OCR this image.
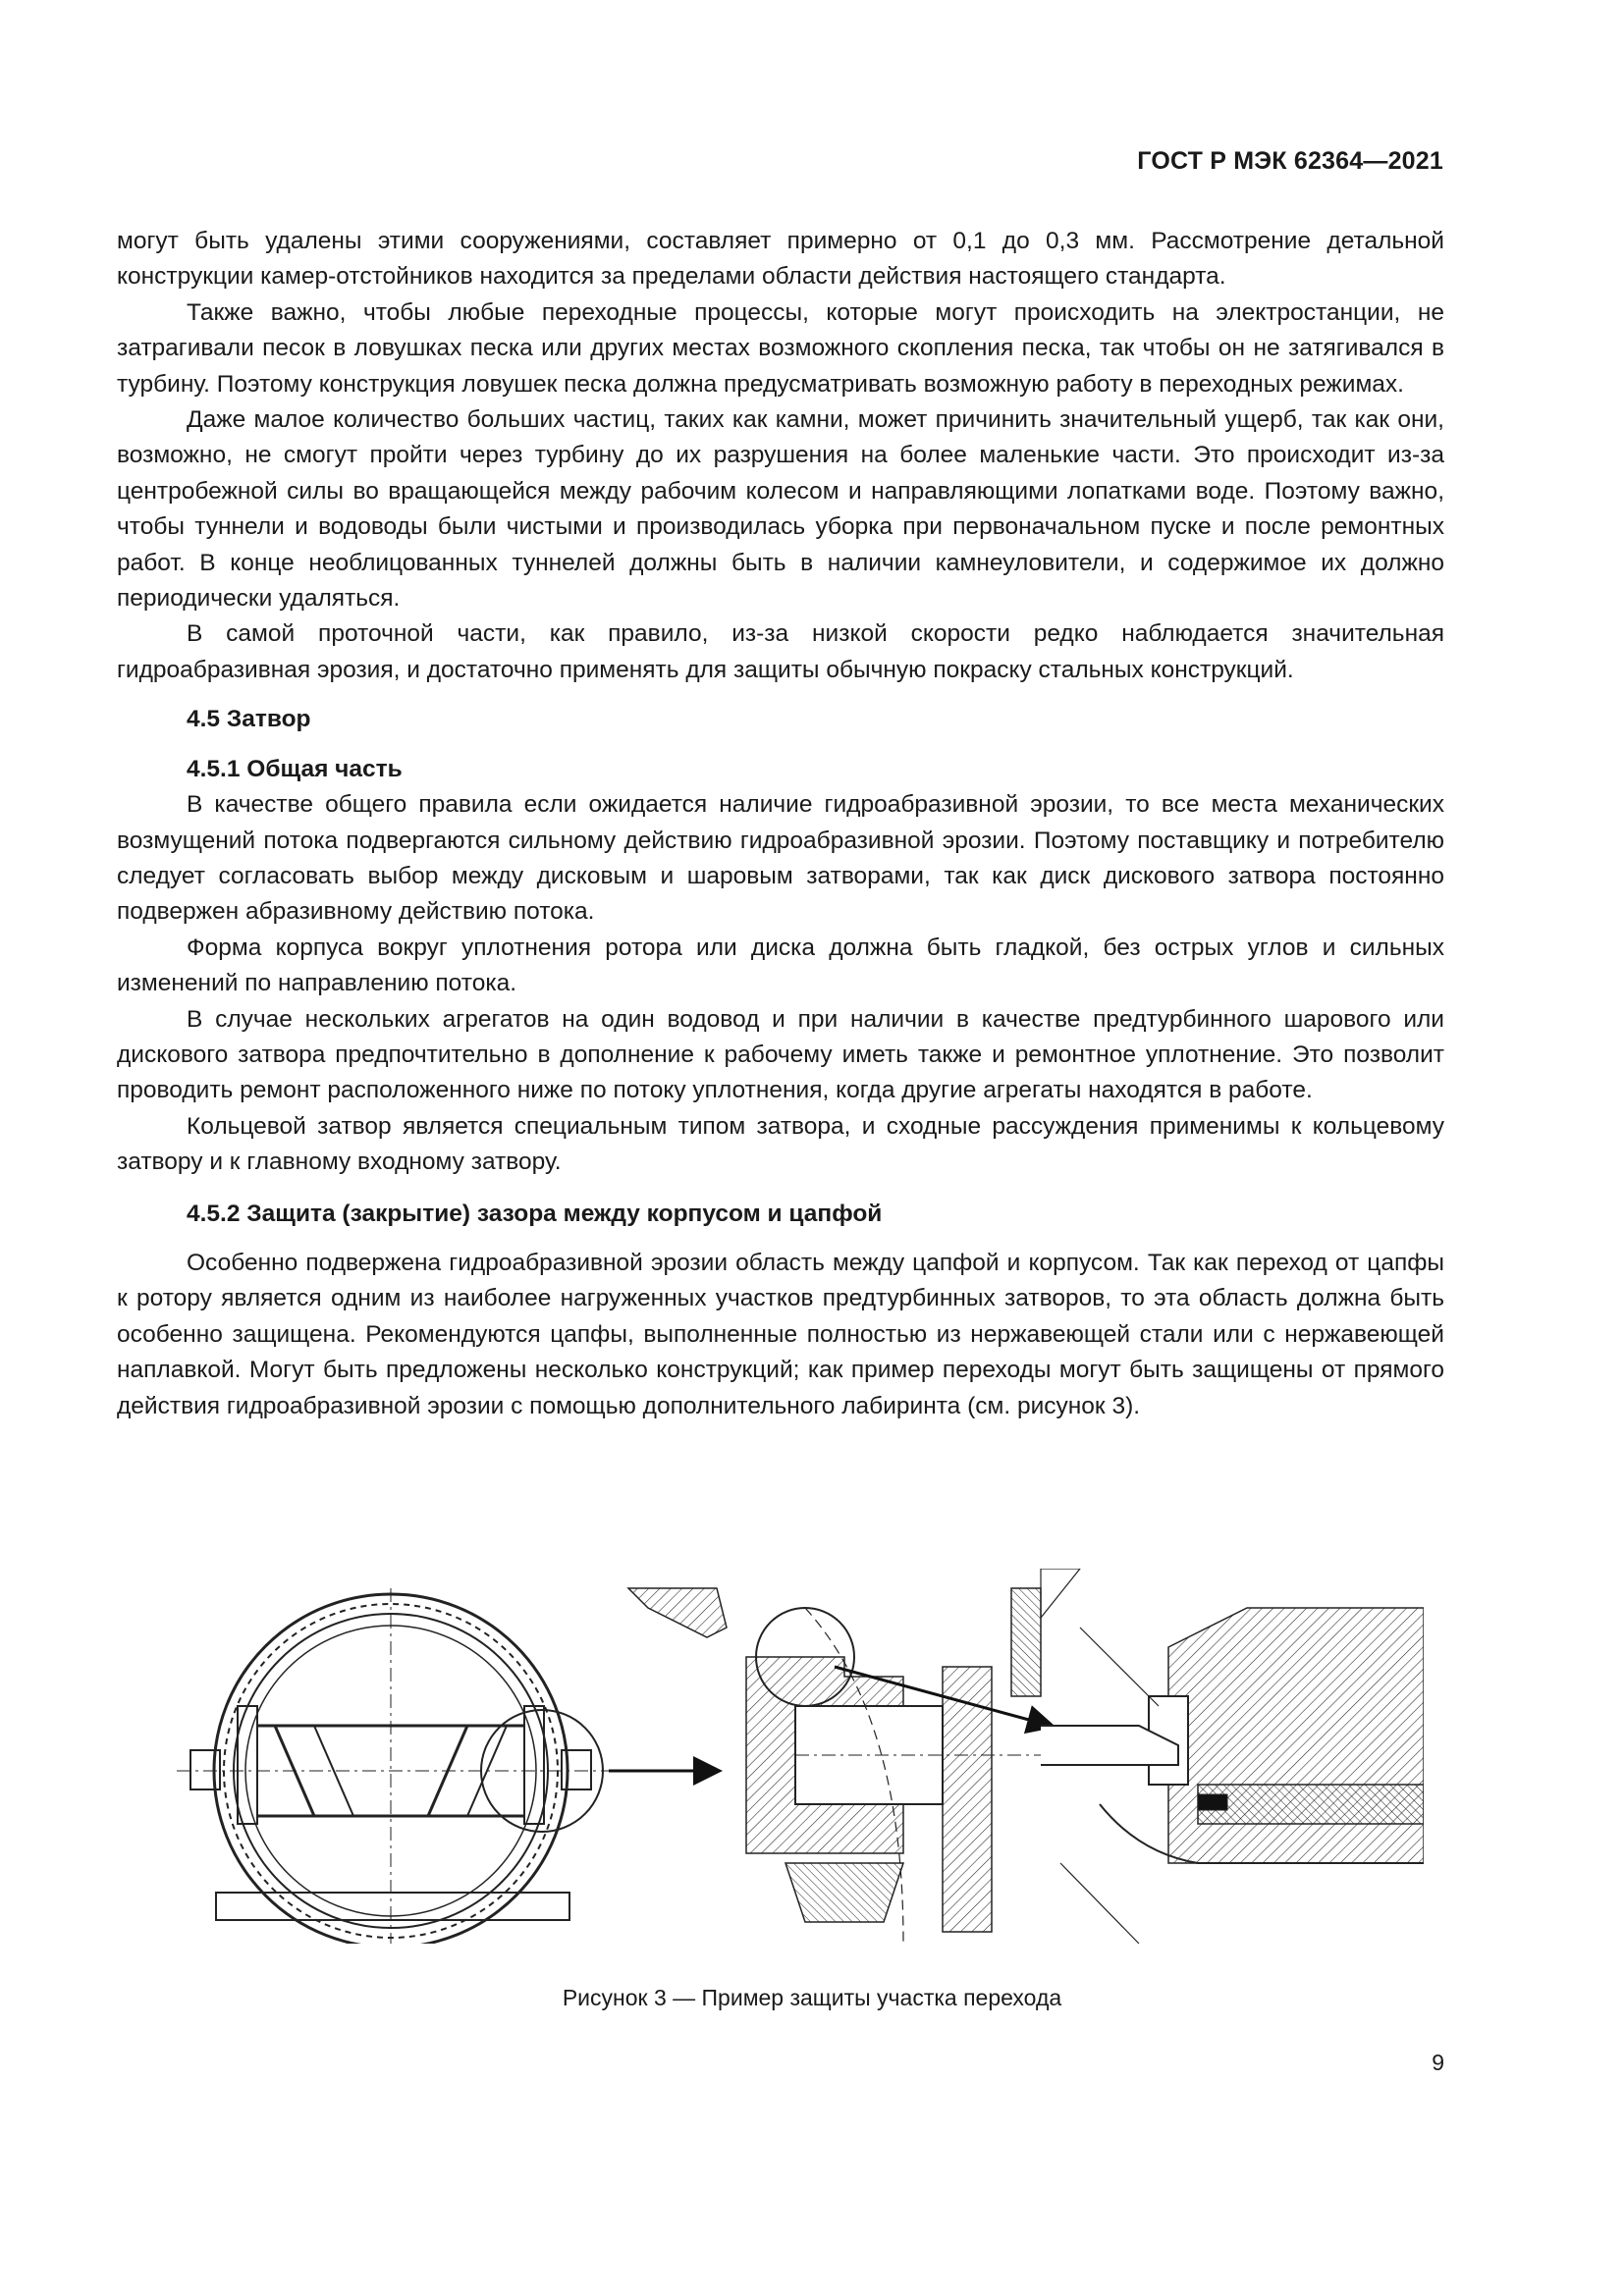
ГОСТ Р МЭК 62364—2021

могут быть удалены этими сооружениями, составляет примерно от 0,1 до 0,3 мм. Рассмотрение детальной конструкции камер-отстойников находится за пределами области действия настоящего стандарта.

Также важно, чтобы любые переходные процессы, которые могут происходить на электростанции, не затрагивали песок в ловушках песка или других местах возможного скопления песка, так чтобы он не затягивался в турбину. Поэтому конструкция ловушек песка должна предусматривать возможную работу в переходных режимах.

Даже малое количество больших частиц, таких как камни, может причинить значительный ущерб, так как они, возможно, не смогут пройти через турбину до их разрушения на более маленькие части. Это происходит из-за центробежной силы во вращающейся между рабочим колесом и направляющими лопатками воде. Поэтому важно, чтобы туннели и водоводы были чистыми и производилась уборка при первоначальном пуске и после ремонтных работ. В конце необлицованных туннелей должны быть в наличии камнеуловители, и содержимое их должно периодически удаляться.

В самой проточной части, как правило, из-за низкой скорости редко наблюдается значительная гидроабразивная эрозия, и достаточно применять для защиты обычную покраску стальных конструкций.

4.5 Затвор

4.5.1 Общая часть

В качестве общего правила если ожидается наличие гидроабразивной эрозии, то все места механических возмущений потока подвергаются сильному действию гидроабразивной эрозии. Поэтому поставщику и потребителю следует согласовать выбор между дисковым и шаровым затворами, так как диск дискового затвора постоянно подвержен абразивному действию потока.

Форма корпуса вокруг уплотнения ротора или диска должна быть гладкой, без острых углов и сильных изменений по направлению потока.

В случае нескольких агрегатов на один водовод и при наличии в качестве предтурбинного шарового или дискового затвора предпочтительно в дополнение к рабочему иметь также и ремонтное уплотнение. Это позволит проводить ремонт расположенного ниже по потоку уплотнения, когда другие агрегаты находятся в работе.

Кольцевой затвор является специальным типом затвора, и сходные рассуждения применимы к кольцевому затвору и к главному входному затвору.

4.5.2 Защита (закрытие) зазора между корпусом и цапфой

Особенно подвержена гидроабразивной эрозии область между цапфой и корпусом. Так как переход от цапфы к ротору является одним из наиболее нагруженных участков предтурбинных затворов, то эта область должна быть особенно защищена. Рекомендуются цапфы, выполненные полностью из нержавеющей стали или с нержавеющей наплавкой. Могут быть предложены несколько конструкций; как пример переходы могут быть защищены от прямого действия гидроабразивной эрозии с помощью дополнительного лабиринта (см. рисунок 3).

Рисунок 3 — Пример защиты участка перехода
9
